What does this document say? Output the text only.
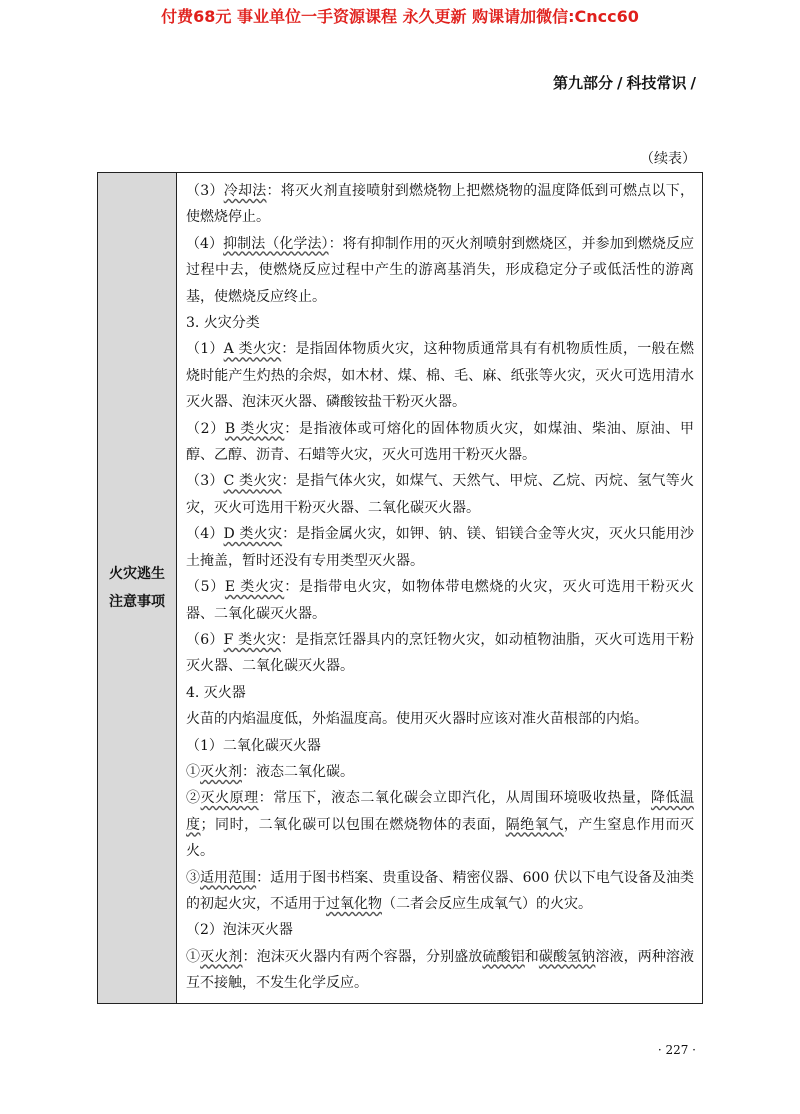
付费68元 事业单位一手资源课程 永久更新 购课请加微信:Cncc60
第九部分 / 科技常识 /
（续表）
火灾逃生
注意事项

（3）冷却法：将灭火剂直接喷射到燃烧物上把燃烧物的温度降低到可燃点以下，使燃烧停止。

（4）抑制法（化学法）：将有抑制作用的灭火剂喷射到燃烧区，并参加到燃烧反应过程中去，使燃烧反应过程中产生的游离基消失，形成稳定分子或低活性的游离基，使燃烧反应终止。

3. 火灾分类

（1）A 类火灾：是指固体物质火灾，这种物质通常具有有机物质性质，一般在燃烧时能产生灼热的余烬，如木材、煤、棉、毛、麻、纸张等火灾，灭火可选用清水灭火器、泡沫灭火器、磷酸铵盐干粉灭火器。

（2）B 类火灾：是指液体或可熔化的固体物质火灾，如煤油、柴油、原油、甲醇、乙醇、沥青、石蜡等火灾，灭火可选用干粉灭火器。

（3）C 类火灾：是指气体火灾，如煤气、天然气、甲烷、乙烷、丙烷、氢气等火灾，灭火可选用干粉灭火器、二氧化碳灭火器。

（4）D 类火灾：是指金属火灾，如钾、钠、镁、铝镁合金等火灾，灭火只能用沙土掩盖，暂时还没有专用类型灭火器。

（5）E 类火灾：是指带电火灾，如物体带电燃烧的火灾，灭火可选用干粉灭火器、二氧化碳灭火器。

（6）F 类火灾：是指烹饪器具内的烹饪物火灾，如动植物油脂，灭火可选用干粉灭火器、二氧化碳灭火器。

4. 灭火器

火苗的内焰温度低，外焰温度高。使用灭火器时应该对准火苗根部的内焰。

（1）二氧化碳灭火器

①灭火剂：液态二氧化碳。

②灭火原理：常压下，液态二氧化碳会立即汽化，从周围环境吸收热量，降低温度；同时，二氧化碳可以包围在燃烧物体的表面，隔绝氧气，产生窒息作用而灭火。

③适用范围：适用于图书档案、贵重设备、精密仪器、600 伏以下电气设备及油类的初起火灾，不适用于过氧化物（二者会反应生成氧气）的火灾。

（2）泡沫灭火器

①灭火剂：泡沫灭火器内有两个容器，分别盛放硫酸铝和碳酸氢钠溶液，两种溶液互不接触，不发生化学反应。

· 227 ·
